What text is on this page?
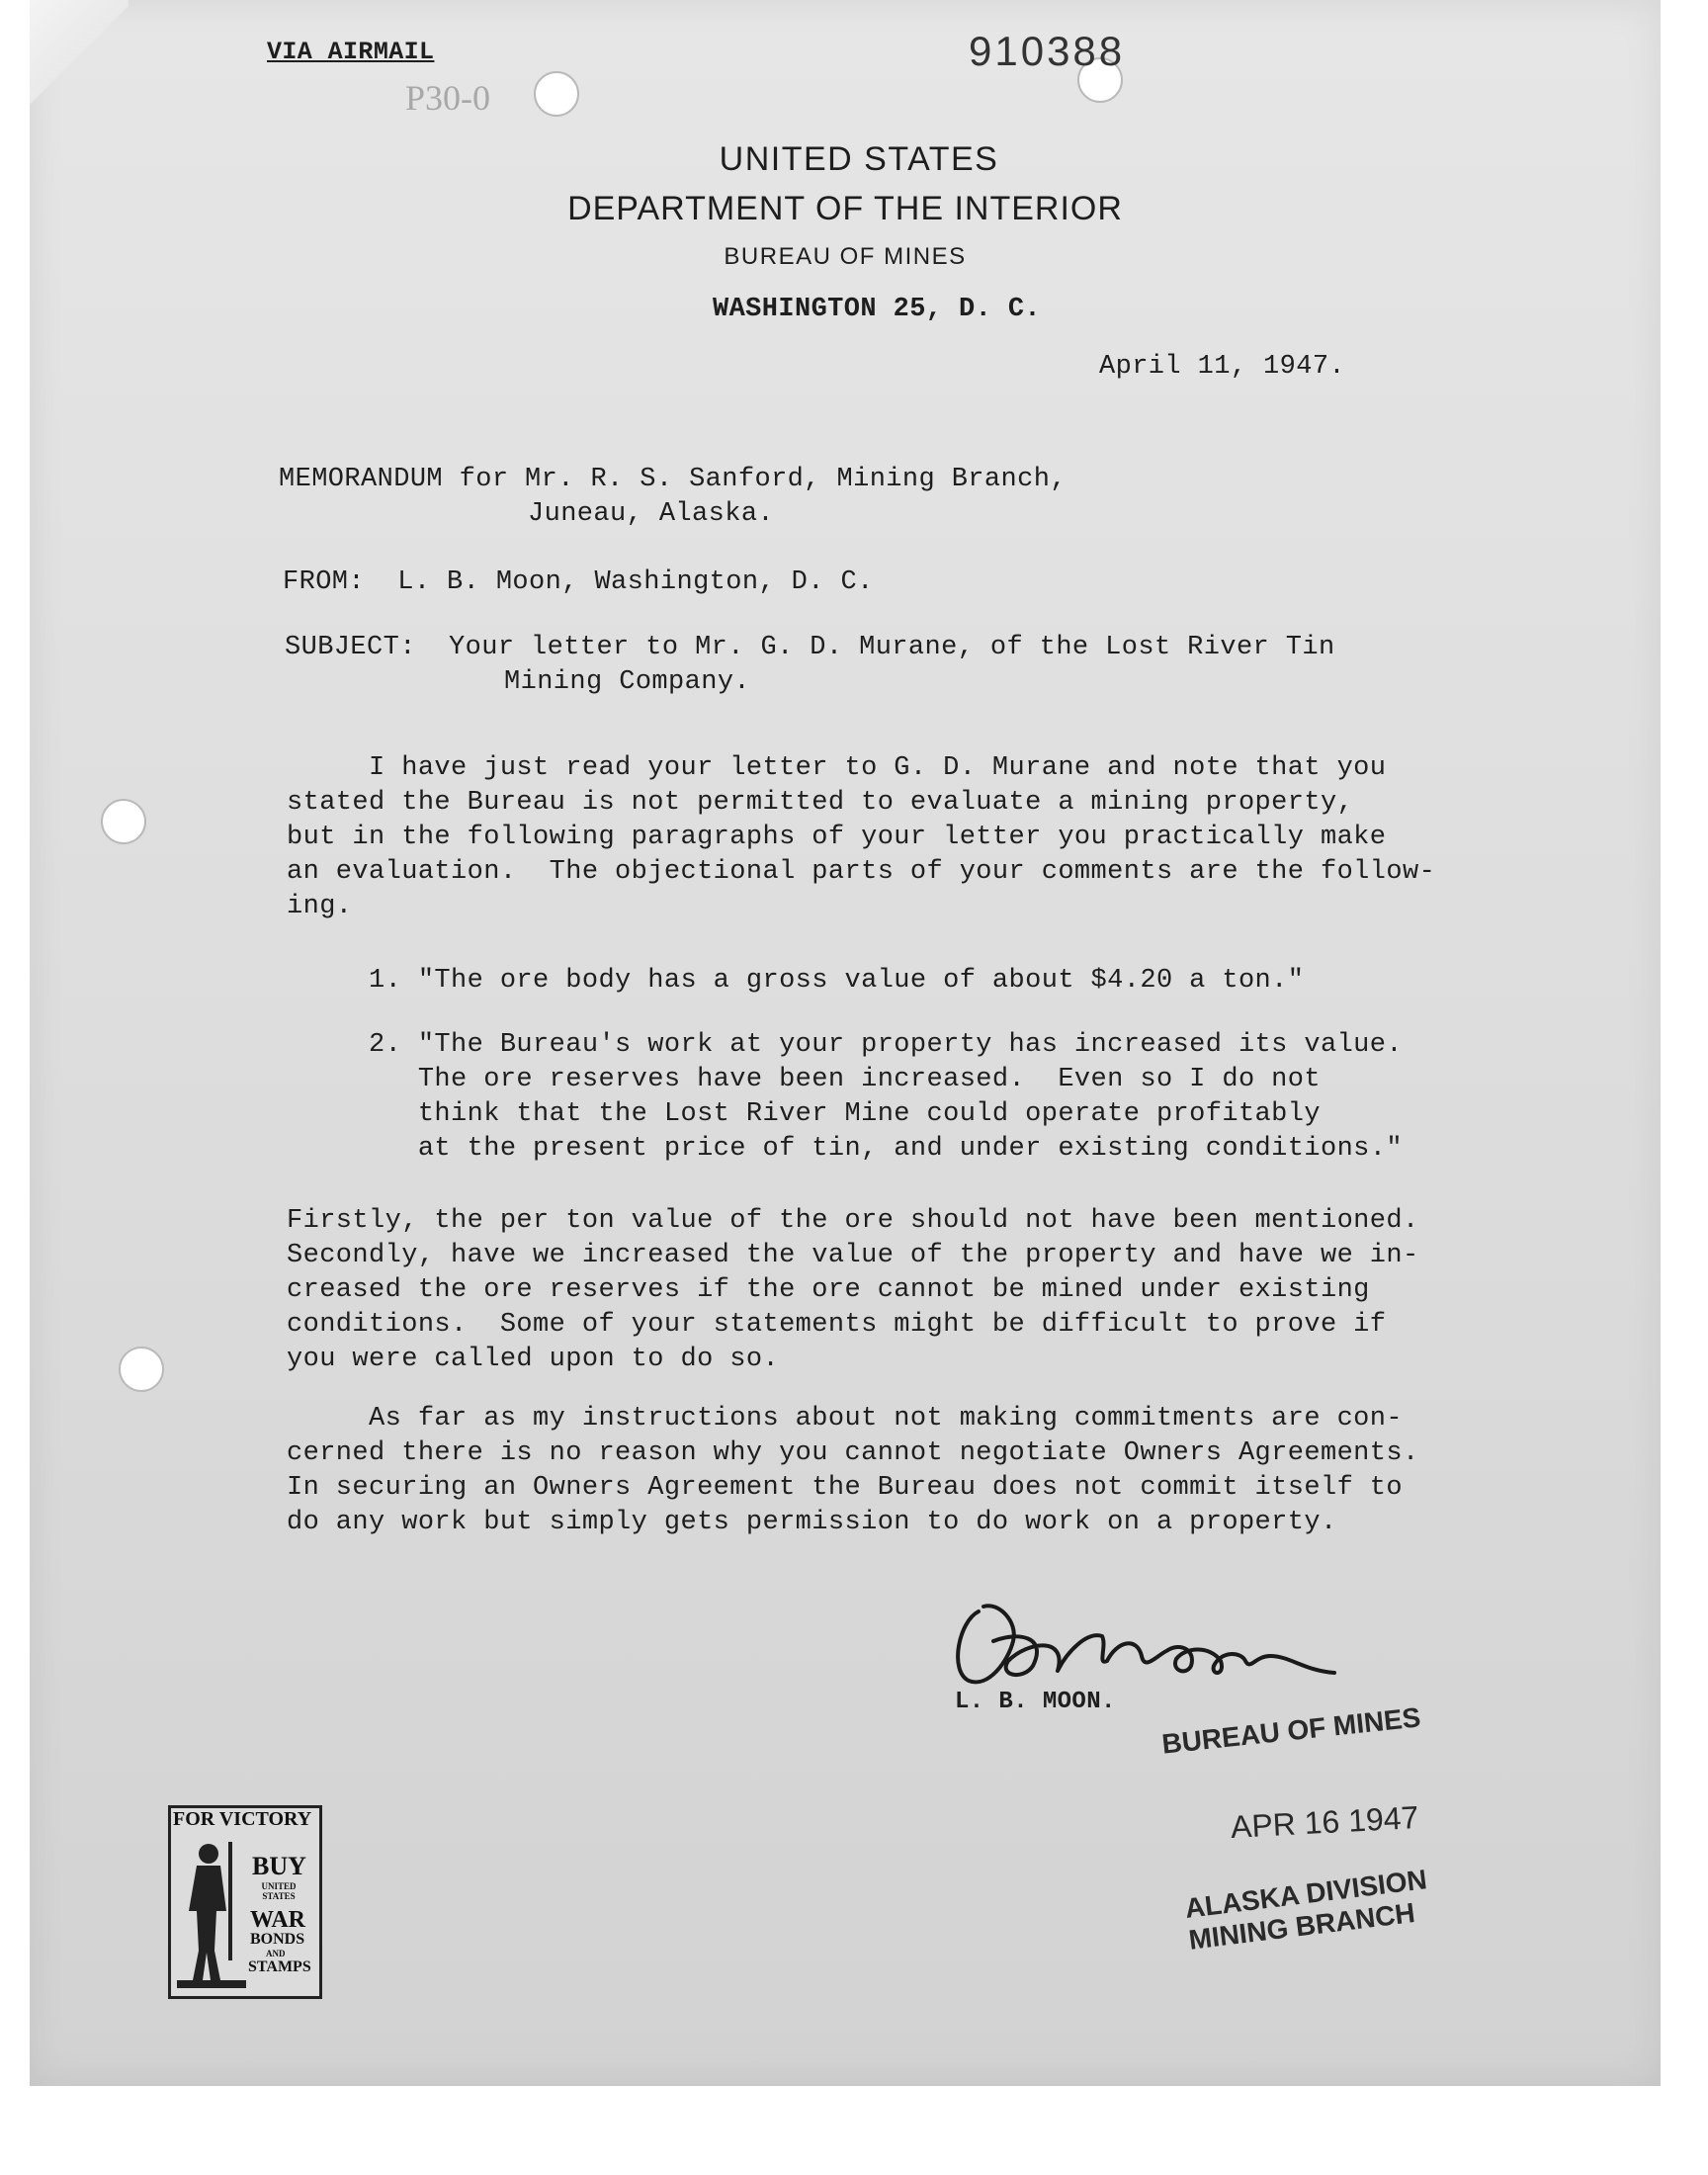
VIA AIRMAIL	910388
P30-0
UNITED STATES
DEPARTMENT OF THE INTERIOR
BUREAU OF MINES
WASHINGTON 25, D. C.
April 11, 1947.
MEMORANDUM for Mr. R. S. Sanford, Mining Branch,
Juneau, Alaska.
FROM:  L. B. Moon, Washington, D. C.
SUBJECT:  Your letter to Mr. G. D. Murane, of the Lost River Tin
Mining Company.
I have just read your letter to G. D. Murane and note that you
stated the Bureau is not permitted to evaluate a mining property,
but in the following paragraphs of your letter you practically make
an evaluation.  The objectional parts of your comments are the follow-
ing.
1. "The ore body has a gross value of about $4.20 a ton."
2. "The Bureau's work at your property has increased its value.
The ore reserves have been increased.  Even so I do not
think that the Lost River Mine could operate profitably
at the present price of tin, and under existing conditions."
Firstly, the per ton value of the ore should not have been mentioned.
Secondly, have we increased the value of the property and have we in-
creased the ore reserves if the ore cannot be mined under existing
conditions.  Some of your statements might be difficult to prove if
you were called upon to do so.
As far as my instructions about not making commitments are con-
cerned there is no reason why you cannot negotiate Owners Agreements.
In securing an Owners Agreement the Bureau does not commit itself to
do any work but simply gets permission to do work on a property.
L. B. MOON. BUREAU OF MINES
APR 16 1947
ALASKA DIVISION
MINING BRANCH
FOR VICTORY
BUY
UNITED STATES
WAR
BONDS
AND
STAMPS
